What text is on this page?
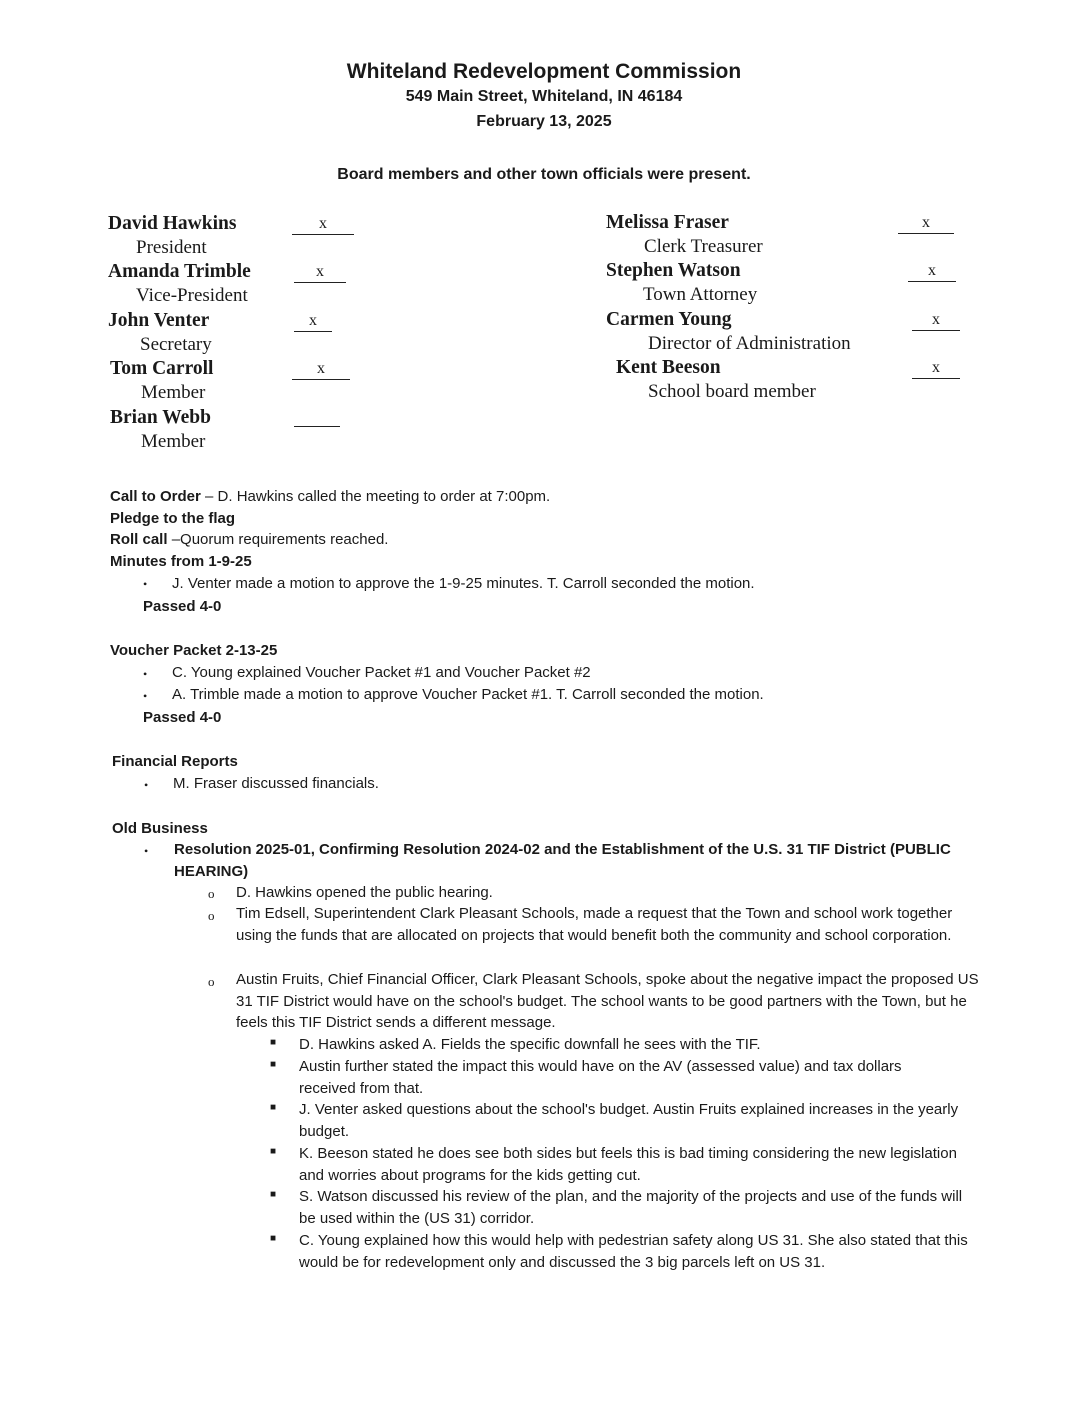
Whiteland Redevelopment Commission
549 Main Street, Whiteland, IN 46184
February 13, 2025
Board members and other town officials were present.
David Hawkins
President
x
Amanda Trimble
Vice-President
x
John Venter
Secretary
x
Tom Carroll
Member
x
Brian Webb
Member
Melissa Fraser
Clerk Treasurer
x
Stephen Watson
Town Attorney
x
Carmen Young
Director of Administration
x
Kent Beeson
School board member
x
Call to Order – D. Hawkins called the meeting to order at 7:00pm.
Pledge to the flag
Roll call –Quorum requirements reached.
Minutes from 1-9-25
• J. Venter made a motion to approve the 1-9-25 minutes. T. Carroll seconded the motion.
Passed 4-0
Voucher Packet 2-13-25
• C. Young explained Voucher Packet #1 and Voucher Packet #2
• A. Trimble made a motion to approve Voucher Packet #1. T. Carroll seconded the motion.
Passed 4-0
Financial Reports
• M. Fraser discussed financials.
Old Business
• Resolution 2025-01, Confirming Resolution 2024-02 and the Establishment of the U.S. 31 TIF District (PUBLIC
HEARING)
o D. Hawkins opened the public hearing.
o Tim Edsell, Superintendent Clark Pleasant Schools, made a request that the Town and school work together using the funds that are allocated on projects that would benefit both the community and school corporation.
o Austin Fruits, Chief Financial Officer, Clark Pleasant Schools, spoke about the negative impact the proposed US 31 TIF District would have on the school's budget. The school wants to be good partners with the Town, but he feels this TIF District sends a different message.
■ D. Hawkins asked A. Fields the specific downfall he sees with the TIF.
■ Austin further stated the impact this would have on the AV (assessed value) and tax dollars received from that.
■ J. Venter asked questions about the school's budget. Austin Fruits explained increases in the yearly budget.
■ K. Beeson stated he does see both sides but feels this is bad timing considering the new legislation and worries about programs for the kids getting cut.
■ S. Watson discussed his review of the plan, and the majority of the projects and use of the funds will be used within the (US 31) corridor.
■ C. Young explained how this would help with pedestrian safety along US 31. She also stated that this would be for redevelopment only and discussed the 3 big parcels left on US 31.
